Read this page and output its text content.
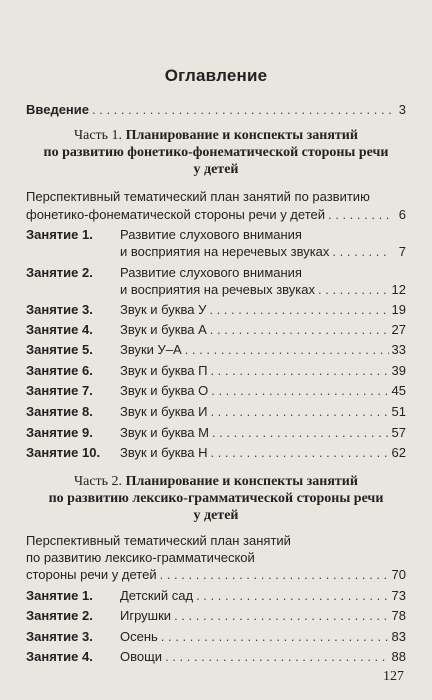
Оглавление
Введение . . .	3
Часть 1. Планирование и конспекты занятий
по развитию фонетико-фонематической стороны речи
у детей
Перспективный тематический план занятий по развитию
фонетико-фонематической стороны речи у детей . . .	6
Занятие 1. Развитие слухового внимания
и восприятия на неречевых звуках . . .	7
Занятие 2. Развитие слухового внимания
и восприятия на речевых звуках . . .	12
Занятие 3. Звук и буква У . . .	19
Занятие 4. Звук и буква А . . .	27
Занятие 5. Звуки У–А . . .	33
Занятие 6. Звук и буква П . . .	39
Занятие 7. Звук и буква О . . .	45
Занятие 8. Звук и буква И . . .	51
Занятие 9. Звук и буква М . . .	57
Занятие 10. Звук и буква Н . . .	62
Часть 2. Планирование и конспекты занятий
по развитию лексико-грамматической стороны речи
у детей
Перспективный тематический план занятий
по развитию лексико-грамматической
стороны речи у детей . . .	70
Занятие 1. Детский сад . . .	73
Занятие 2. Игрушки . . .	78
Занятие 3. Осень . . .	83
Занятие 4. Овощи . . .	88
127
